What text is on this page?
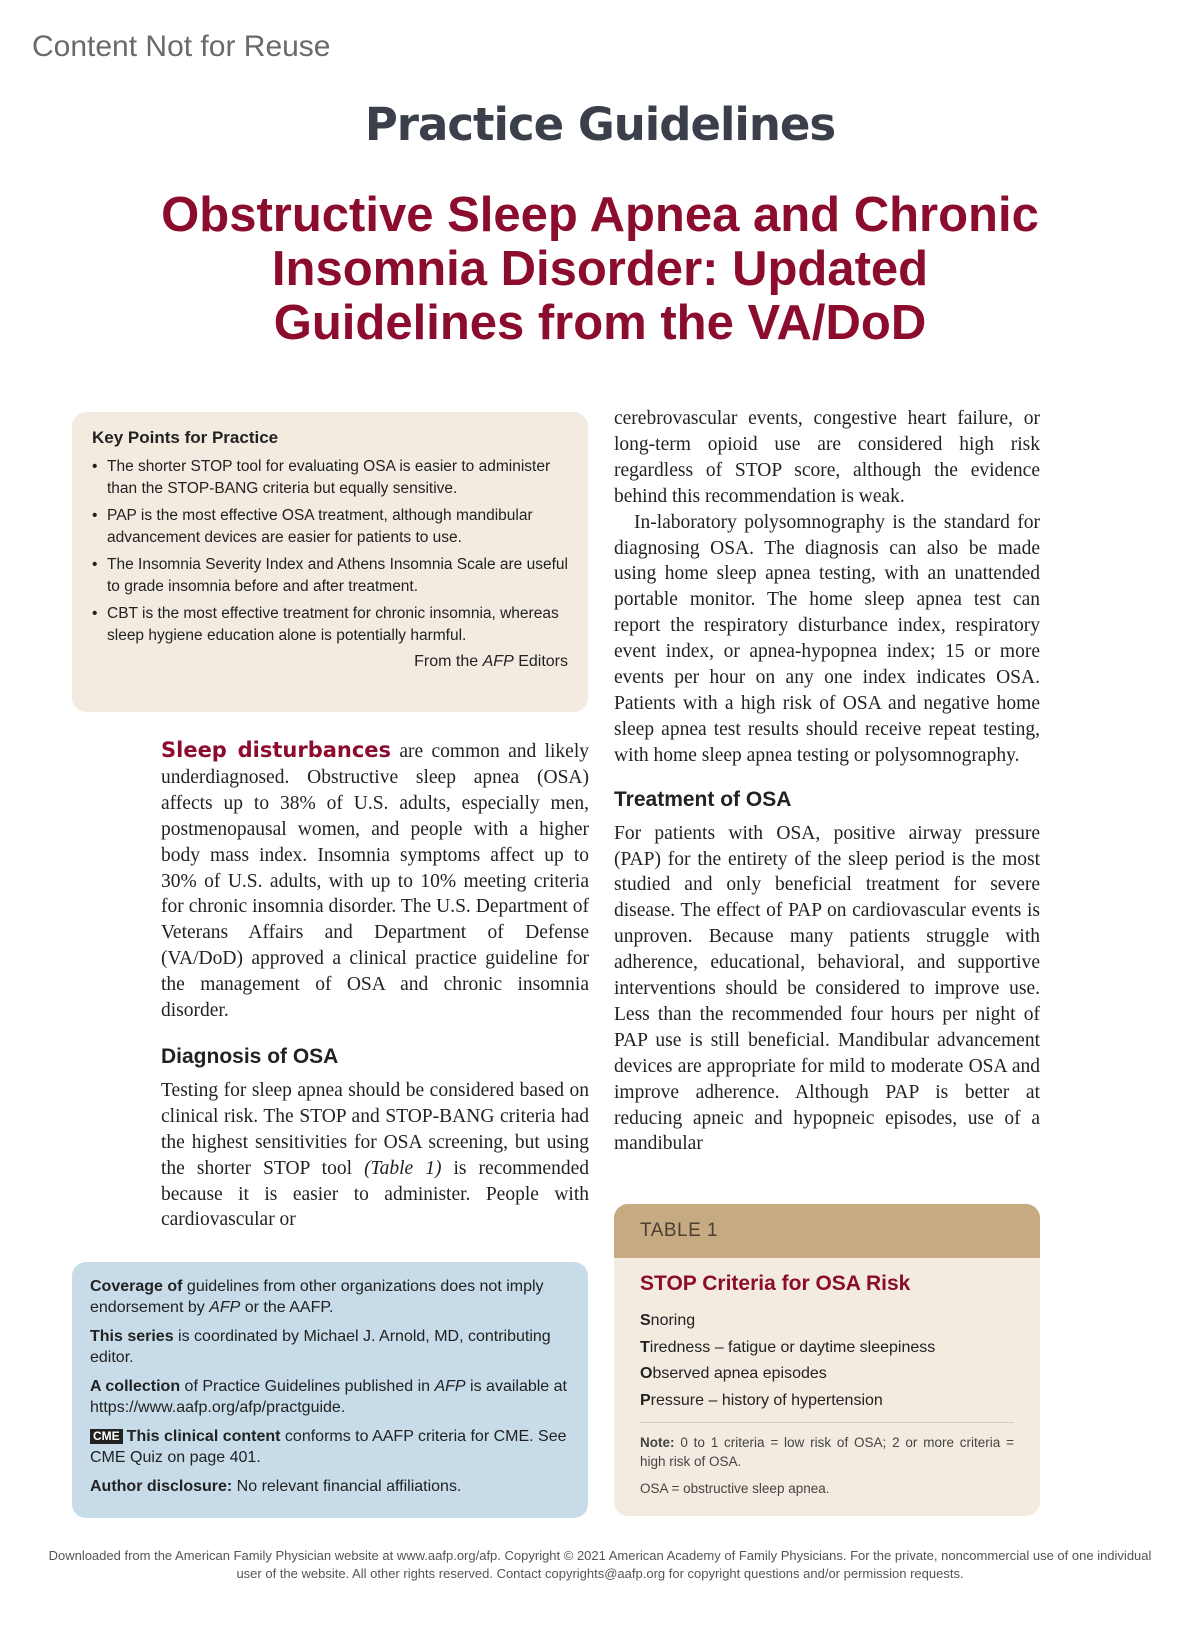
Content Not for Reuse
Practice Guidelines
Obstructive Sleep Apnea and Chronic Insomnia Disorder: Updated Guidelines from the VA/DoD
Key Points for Practice
• The shorter STOP tool for evaluating OSA is easier to administer than the STOP-BANG criteria but equally sensitive.
• PAP is the most effective OSA treatment, although mandibular advancement devices are easier for patients to use.
• The Insomnia Severity Index and Athens Insomnia Scale are useful to grade insomnia before and after treatment.
• CBT is the most effective treatment for chronic insomnia, whereas sleep hygiene education alone is potentially harmful.
From the AFP Editors

Sleep disturbances are common and likely underdiagnosed. Obstructive sleep apnea (OSA) affects up to 38% of U.S. adults, especially men, postmenopausal women, and people with a higher body mass index. Insomnia symptoms affect up to 30% of U.S. adults, with up to 10% meeting criteria for chronic insomnia disorder. The U.S. Department of Veterans Affairs and Department of Defense (VA/DoD) approved a clinical practice guideline for the management of OSA and chronic insomnia disorder.

Diagnosis of OSA

Testing for sleep apnea should be considered based on clinical risk. The STOP and STOP-BANG criteria had the highest sensitivities for OSA screening, but using the shorter STOP tool (Table 1) is recommended because it is easier to administer. People with cardiovascular or

cerebrovascular events, congestive heart failure, or long-term opioid use are considered high risk regardless of STOP score, although the evidence behind this recommendation is weak.

In-laboratory polysomnography is the standard for diagnosing OSA. The diagnosis can also be made using home sleep apnea testing, with an unattended portable monitor. The home sleep apnea test can report the respiratory disturbance index, respiratory event index, or apnea-hypopnea index; 15 or more events per hour on any one index indicates OSA. Patients with a high risk of OSA and negative home sleep apnea test results should receive repeat testing, with home sleep apnea testing or polysomnography.

Treatment of OSA

For patients with OSA, positive airway pressure (PAP) for the entirety of the sleep period is the most studied and only beneficial treatment for severe disease. The effect of PAP on cardiovascular events is unproven. Because many patients struggle with adherence, educational, behavioral, and supportive interventions should be considered to improve use. Less than the recommended four hours per night of PAP use is still beneficial. Mandibular advancement devices are appropriate for mild to moderate OSA and improve adherence. Although PAP is better at reducing apneic and hypopneic episodes, use of a mandibular

Coverage of guidelines from other organizations does not imply endorsement by AFP or the AAFP.

This series is coordinated by Michael J. Arnold, MD, contributing editor.

A collection of Practice Guidelines published in AFP is available at https://www.aafp.org/afp/practguide.

CME This clinical content conforms to AAFP criteria for CME. See CME Quiz on page 401.

Author disclosure: No relevant financial affiliations.

TABLE 1
STOP Criteria for OSA Risk
Snoring
Tiredness – fatigue or daytime sleepiness
Observed apnea episodes
Pressure – history of hypertension
Note: 0 to 1 criteria = low risk of OSA; 2 or more criteria = high risk of OSA.
OSA = obstructive sleep apnea.
Downloaded from the American Family Physician website at www.aafp.org/afp. Copyright © 2021 American Academy of Family Physicians. For the private, noncommercial use of one individual user of the website. All other rights reserved. Contact copyrights@aafp.org for copyright questions and/or permission requests.
